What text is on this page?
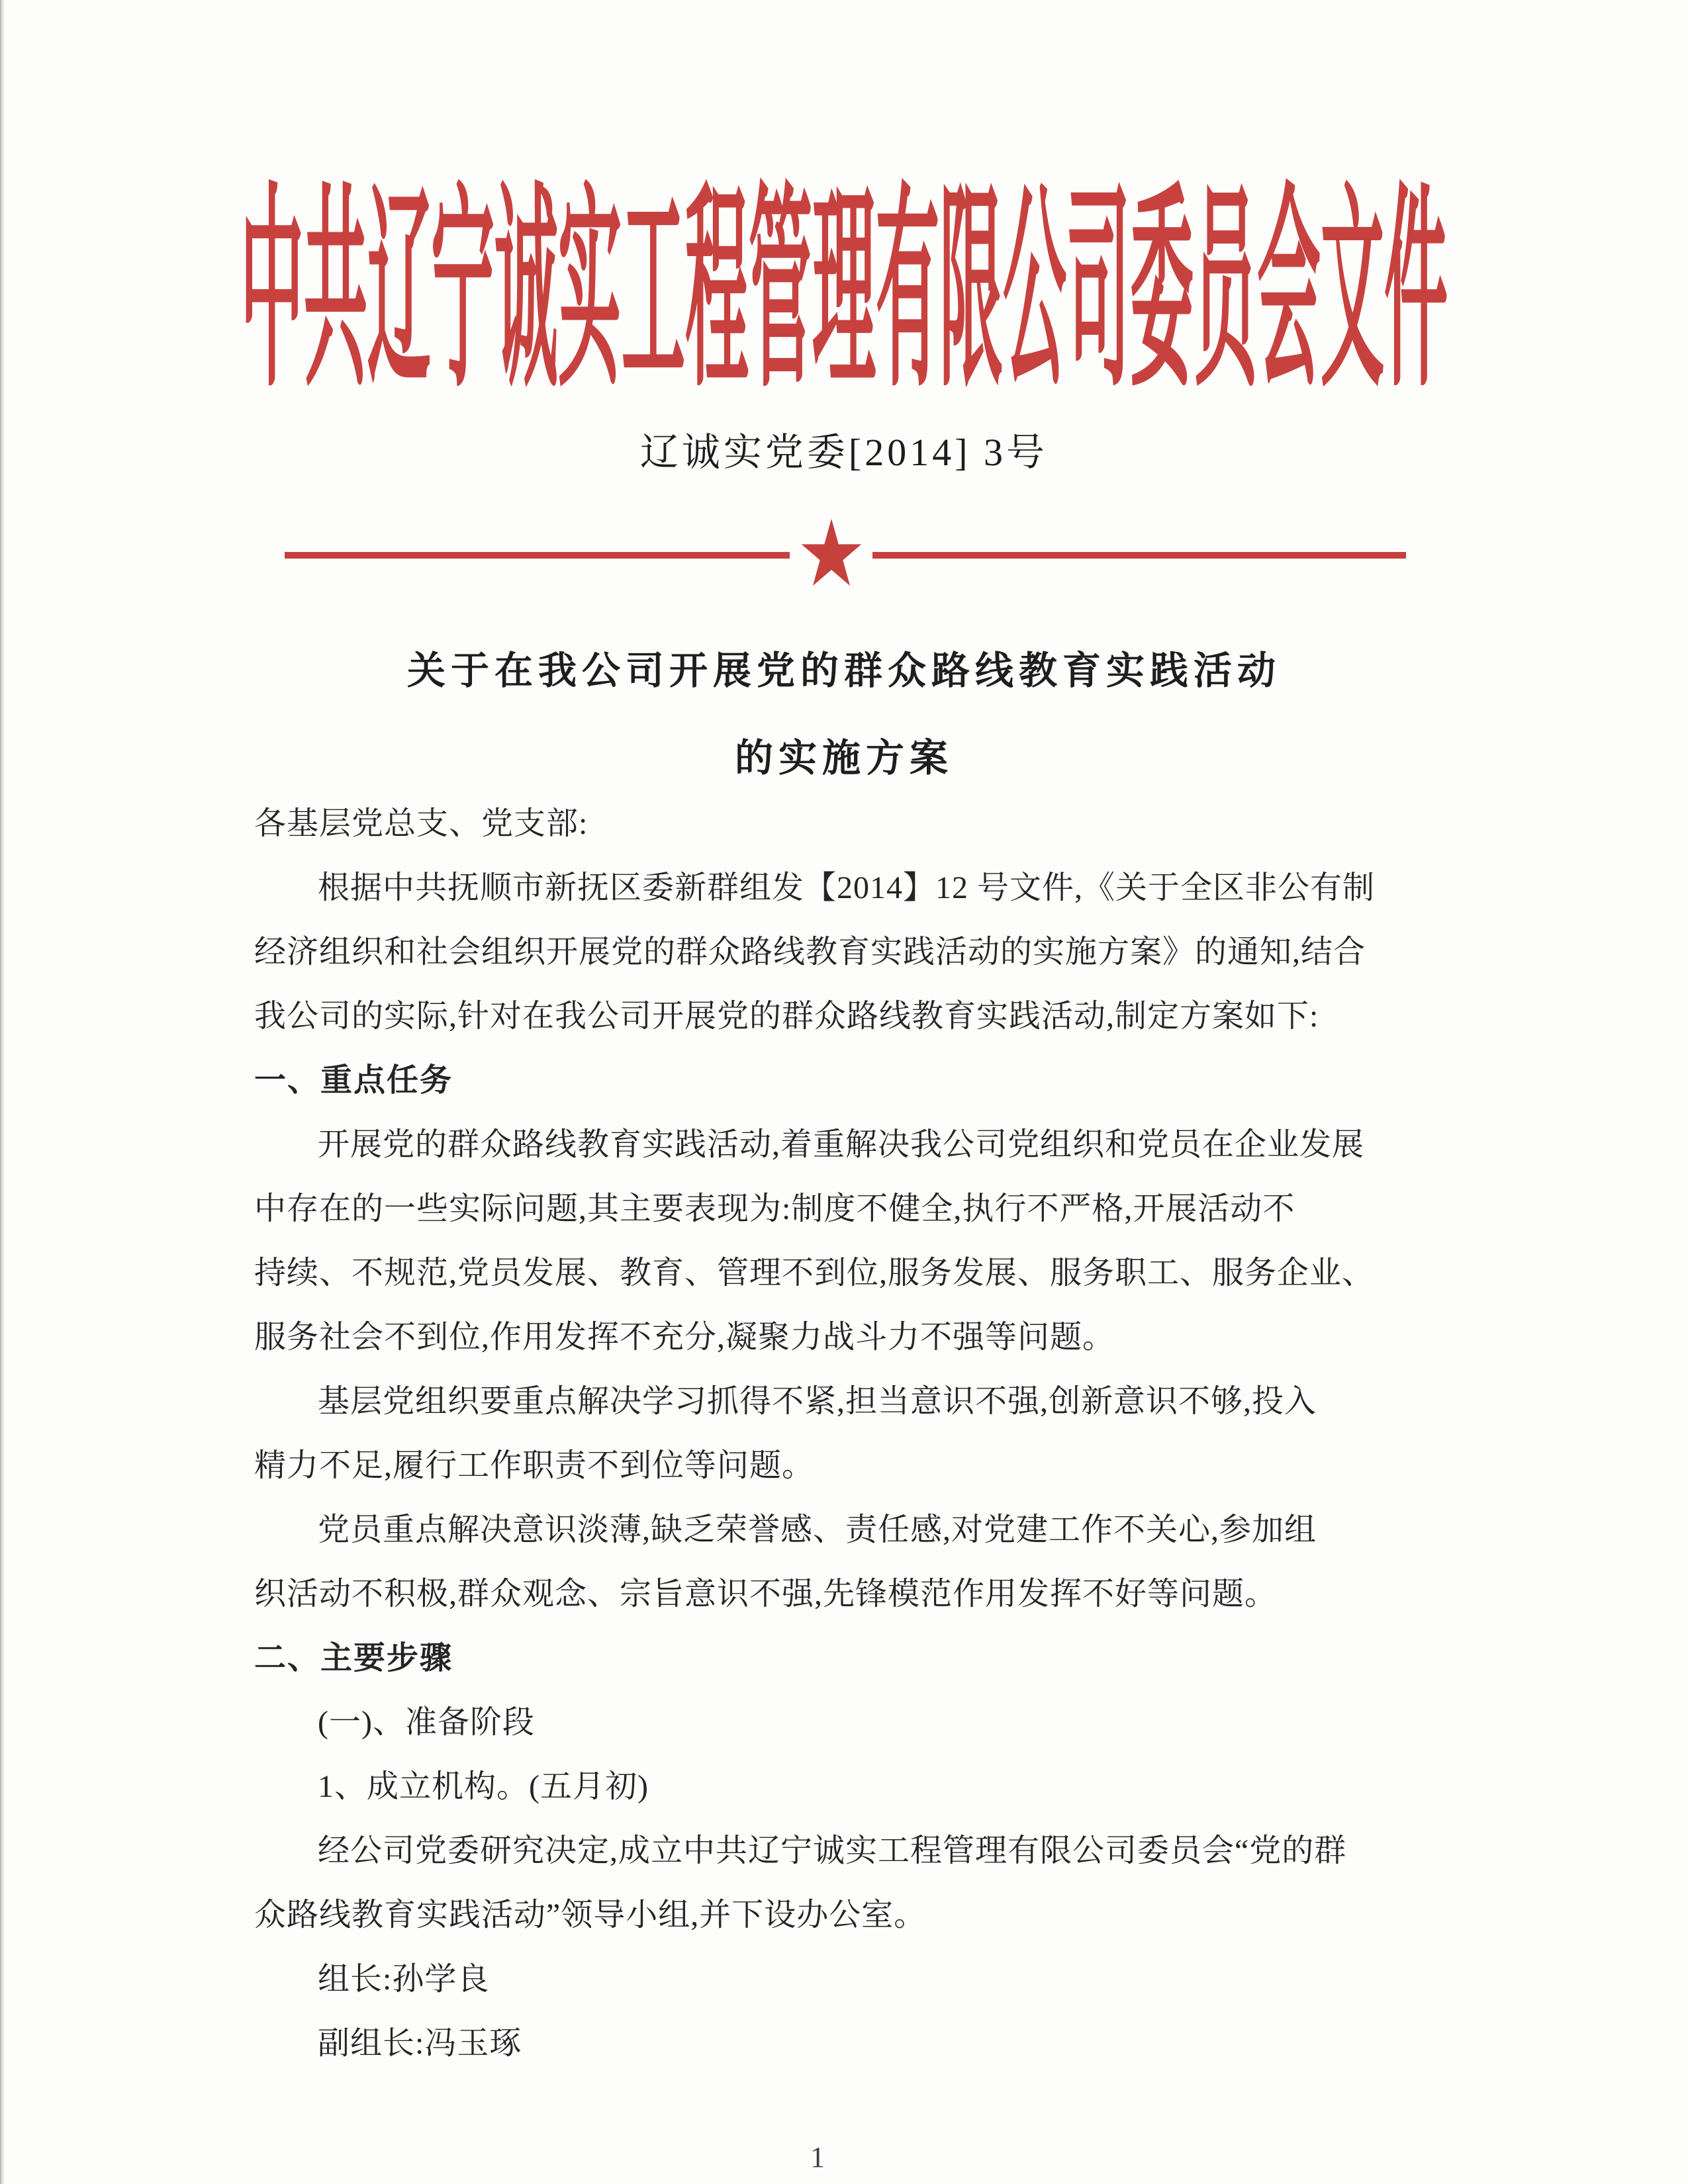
中共辽宁诚实工程管理有限公司委员会文件
辽诚实党委[2014] 3号
★
关于在我公司开展党的群众路线教育实践活动
的实施方案
各基层党总支、党支部:
根据中共抚顺市新抚区委新群组发【2014】12 号文件,《关于全区非公有制
经济组织和社会组织开展党的群众路线教育实践活动的实施方案》的通知,结合
我公司的实际,针对在我公司开展党的群众路线教育实践活动,制定方案如下:
一、重点任务
开展党的群众路线教育实践活动,着重解决我公司党组织和党员在企业发展
中存在的一些实际问题,其主要表现为:制度不健全,执行不严格,开展活动不
持续、不规范,党员发展、教育、管理不到位,服务发展、服务职工、服务企业、
服务社会不到位,作用发挥不充分,凝聚力战斗力不强等问题。
基层党组织要重点解决学习抓得不紧,担当意识不强,创新意识不够,投入
精力不足,履行工作职责不到位等问题。
党员重点解决意识淡薄,缺乏荣誉感、责任感,对党建工作不关心,参加组
织活动不积极,群众观念、宗旨意识不强,先锋模范作用发挥不好等问题。
二、主要步骤
(一)、准备阶段
1、成立机构。(五月初)
经公司党委研究决定,成立中共辽宁诚实工程管理有限公司委员会“党的群
众路线教育实践活动”领导小组,并下设办公室。
组长:孙学良
副组长:冯玉琢
1
